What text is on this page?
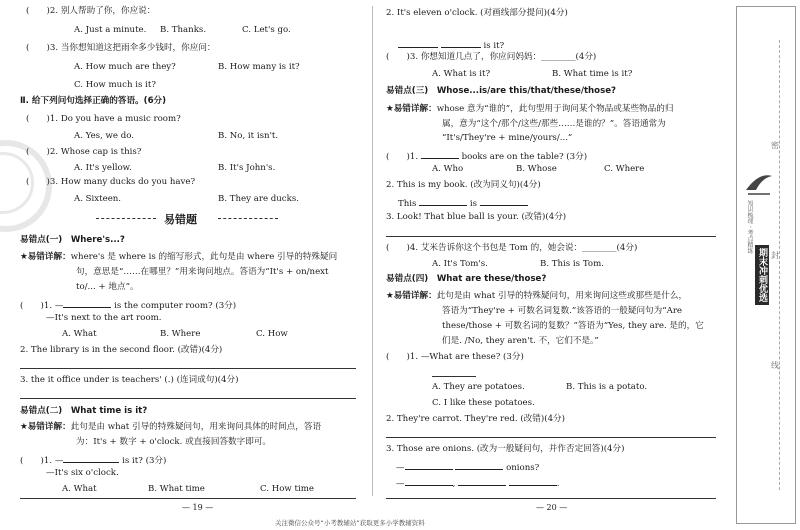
(　　)2. 别人帮助了你，你应说：
A. Just a minute. B. Thanks.	C. Let's go.
(　　)3. 当你想知道这把雨伞多少钱时，你应问：
A. How much are they?	B. How many is it?
C. How much is it?
Ⅱ. 给下列问句选择正确的答语。(6分)
(　　)1. Do you have a music room?
A. Yes, we do.	B. No, it isn't.
(　　)2. Whose cap is this?
A. It's yellow.	B. It's John's.
(　　)3. How many ducks do you have?
A. Sixteen.	B. They are ducks.
易错题
易错点(一)　Where's...?
★易错详解：where's 是 where is 的缩写形式，此句是由 where 引导的特殊疑问
句，意思是“……在哪里？”用来询问地点。答语为“It's + on/next
to/... + 地点”。
(　　)1. —	is the computer room? (3分)
—It's next to the art room.
A. What	B. Where	C. How
2. The library is in the second floor. (改错)(4分)
3. the it office under is teachers' (.) (连词成句)(4分)
易错点(二)　What time is it?
★易错详解：此句是由 what 引导的特殊疑问句，用来询问具体的时间点，答语
为：It's + 数字 + o'clock. 或直接回答数字即可。
(　　)1. —	is it? (3分)
—It's six o'clock.
A. What	B. What time	C. How time
— 19 —
2. It's eleven o'clock. (对画线部分提问)(4分)
is it?
(　　)3. 你想知道几点了，你应问妈妈：________(4分)
A. What is it?	B. What time is it?
易错点(三)　Whose...is/are this/that/these/those?
★易错详解：whose 意为“谁的”，此句型用于询问某个物品或某些物品的归
属，意为“这个/那个/这些/那些……是谁的？”。答语通常为
“It's/They're + mine/yours/...”
(　　)1.	books are on the table? (3分)
A. Who	B. Whose	C. Where
2. This is my book. (改为同义句)(4分)
This	is
3. Look! That blue ball is your. (改错)(4分)
(　　)4. 艾米告诉你这个书包是 Tom 的，她会说：________(4分)
A. It's Tom's.	B. This is Tom.
易错点(四)　What are these/those?
★易错详解：此句是由 what 引导的特殊疑问句，用来询问这些或那些是什么，
答语为“They're + 可数名词复数.”该答语的一般疑问句为“Are
these/those + 可数名词的复数？”答语为“Yes, they are. 是的，它
们是. /No, they aren't. 不，它们不是。”
(　　)1. —What are these? (3分)
A. They are potatoes.	B. This is a potato.
C. I like these potatoes.
2. They're carrot. They're red. (改错)(4分)
3. Those are onions. (改为一般疑问句，并作否定回答)(4分)
—	onions?
—	,	.
— 20 —
关注微信公众号“小考教辅站”获取更多小学教辅资料
密
封
线
知识梳理 · 考点精练
期末冲刺优选卷
